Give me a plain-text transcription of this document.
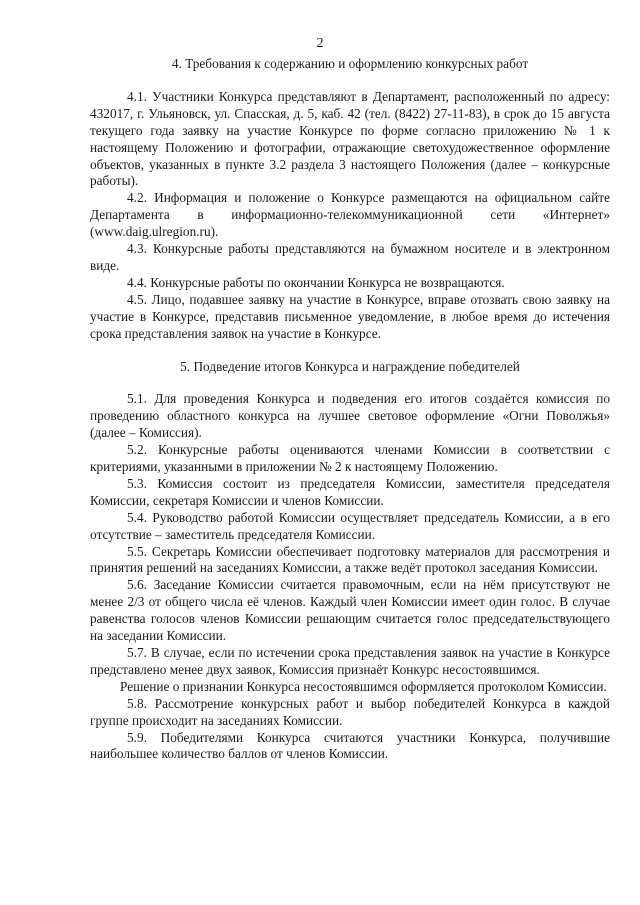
2

4. Требования к содержанию и оформлению конкурсных работ

4.1. Участники Конкурса представляют в Департамент, расположенный по адресу: 432017, г. Ульяновск, ул. Спасская, д. 5, каб. 42 (тел. (8422) 27-11-83), в срок до 15 августа текущего года заявку на участие Конкурсе по форме согласно приложению № 1 к настоящему Положению и фотографии, отражающие светохудожественное оформление объектов, указанных в пункте 3.2 раздела 3 настоящего Положения (далее – конкурсные работы).

4.2. Информация и положение о Конкурсе размещаются на официальном сайте Департамента в информационно-телекоммуникационной сети «Интернет» (www.daig.ulregion.ru).

4.3. Конкурсные работы представляются на бумажном носителе и в электронном виде.

4.4. Конкурсные работы по окончании Конкурса не возвращаются.

4.5. Лицо, подавшее заявку на участие в Конкурсе, вправе отозвать свою заявку на участие в Конкурсе, представив письменное уведомление, в любое время до истечения срока представления заявок на участие в Конкурсе.

5. Подведение итогов Конкурса и награждение победителей

5.1. Для проведения Конкурса и подведения его итогов создаётся комиссия по проведению областного конкурса на лучшее световое оформление «Огни Поволжья» (далее – Комиссия).

5.2. Конкурсные работы оцениваются членами Комиссии в соответствии с критериями, указанными в приложении № 2 к настоящему Положению.

5.3. Комиссия состоит из председателя Комиссии, заместителя председателя Комиссии, секретаря Комиссии и членов Комиссии.

5.4. Руководство работой Комиссии осуществляет председатель Комиссии, а в его отсутствие – заместитель председателя Комиссии.

5.5. Секретарь Комиссии обеспечивает подготовку материалов для рассмотрения и принятия решений на заседаниях Комиссии, а также ведёт протокол заседания Комиссии.

5.6. Заседание Комиссии считается правомочным, если на нём присутствуют не менее 2/3 от общего числа её членов. Каждый член Комиссии имеет один голос. В случае равенства голосов членов Комиссии решающим считается голос председательствующего на заседании Комиссии.

5.7. В случае, если по истечении срока представления заявок на участие в Конкурсе представлено менее двух заявок, Комиссия признаёт Конкурс несостоявшимся.

Решение о признании Конкурса несостоявшимся оформляется протоколом Комиссии.

5.8. Рассмотрение конкурсных работ и выбор победителей Конкурса в каждой группе происходит на заседаниях Комиссии.

5.9. Победителями Конкурса считаются участники Конкурса, получившие наибольшее количество баллов от членов Комиссии.
